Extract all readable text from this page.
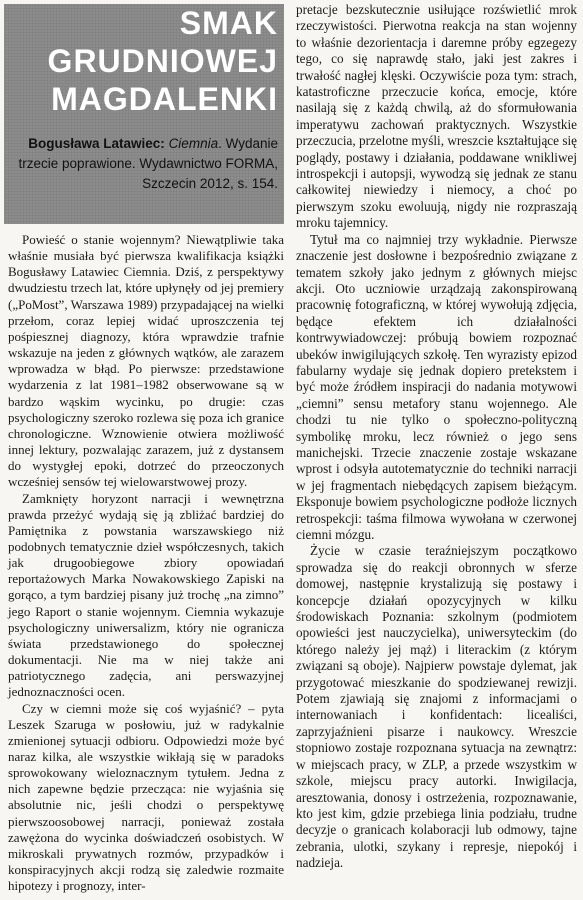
SMAK
GRUDNIOWEJ
MAGDALENKI
Bogusława Latawiec: Ciemnia. Wydanie
trzecie poprawione. Wydawnictwo FORMA,
Szczecin 2012, s. 154.

Powieść o stanie wojennym? Niewątpliwie taka właśnie musiała być pierwsza kwalifikacja książki Bogusławy Latawiec Ciemnia. Dziś, z perspektywy dwudziestu trzech lat, które upłynęły od jej premiery („PoMost”, Warszawa 1989) przypadającej na wielki przełom, coraz lepiej widać uproszczenia tej pośpiesznej diagnozy, która wprawdzie trafnie wskazuje na jeden z głównych wątków, ale zarazem wprowadza w błąd. Po pierwsze: przedstawione wydarzenia z lat 1981–1982 obserwowane są w bardzo wąskim wycinku, po drugie: czas psychologiczny szeroko rozlewa się poza ich granice chronologiczne. Wznowienie otwiera możliwość innej lektury, pozwalając zarazem, już z dystansem do wystygłej epoki, dotrzeć do przeoczonych wcześniej sensów tej wielowarstwowej prozy.

Zamknięty horyzont narracji i wewnętrzna prawda przeżyć wydają się ją zbliżać bardziej do Pamiętnika z powstania warszawskiego niż podobnych tematycznie dzieł współczesnych, takich jak drugoobiegowe zbiory opowiadań reportażowych Marka Nowakowskiego Zapiski na gorąco, a tym bardziej pisany już trochę „na zimno” jego Raport o stanie wojennym. Ciemnia wykazuje psychologiczny uniwersalizm, który nie ogranicza świata przedstawionego do społecznej dokumentacji. Nie ma w niej także ani patriotycznego zadęcia, ani perswazyjnej jednoznaczności ocen.

Czy w ciemni może się coś wyjaśnić? – pyta Leszek Szaruga w posłowiu, już w radykalnie zmienionej sytuacji odbioru. Odpowiedzi może być naraz kilka, ale wszystkie wikłają się w paradoks sprowokowany wieloznacznym tytułem. Jedna z nich zapewne będzie przecząca: nie wyjaśnia się absolutnie nic, jeśli chodzi o perspektywę pierwszoosobowej narracji, ponieważ została zawężona do wycinka doświadczeń osobistych. W mikroskali prywatnych rozmów, przypadków i konspiracyjnych akcji rodzą się zaledwie rozmaite hipotezy i prognozy, inter-

pretacje bezskutecznie usiłujące rozświetlić mrok rzeczywistości. Pierwotna reakcja na stan wojenny to właśnie dezorientacja i daremne próby egzegezy tego, co się naprawdę stało, jaki jest zakres i trwałość nagłej klęski. Oczywiście poza tym: strach, katastroficzne przeczucie końca, emocje, które nasilają się z każdą chwilą, aż do sformułowania imperatywu zachowań praktycznych. Wszystkie przeczucia, przelotne myśli, wreszcie kształtujące się poglądy, postawy i działania, poddawane wnikliwej introspekcji i autopsji, wywodzą się jednak ze stanu całkowitej niewiedzy i niemocy, a choć po pierwszym szoku ewoluują, nigdy nie rozpraszają mroku tajemnicy.

Tytuł ma co najmniej trzy wykładnie. Pierwsze znaczenie jest dosłowne i bezpośrednio związane z tematem szkoły jako jednym z głównych miejsc akcji. Oto uczniowie urządzają zakonspirowaną pracownię fotograficzną, w której wywołują zdjęcia, będące efektem ich działalności kontrwywiadowczej: próbują bowiem rozpoznać ubeków inwigilujących szkołę. Ten wyrazisty epizod fabularny wydaje się jednak dopiero pretekstem i być może źródłem inspiracji do nadania motywowi „ciemni” sensu metafory stanu wojennego. Ale chodzi tu nie tylko o społeczno-polityczną symbolikę mroku, lecz również o jego sens manichejski. Trzecie znaczenie zostaje wskazane wprost i odsyła autotematycznie do techniki narracji w jej fragmentach niebędących zapisem bieżącym. Eksponuje bowiem psychologiczne podłoże licznych retrospekcji: taśma filmowa wywołana w czerwonej ciemni mózgu.

Życie w czasie teraźniejszym początkowo sprowadza się do reakcji obronnych w sferze domowej, następnie krystalizują się postawy i koncepcje działań opozycyjnych w kilku środowiskach Poznania: szkolnym (podmiotem opowieści jest nauczycielka), uniwersyteckim (do którego należy jej mąż) i literackim (z którym związani są oboje). Najpierw powstaje dylemat, jak przygotować mieszkanie do spodziewanej rewizji. Potem zjawiają się znajomi z informacjami o internowaniach i konfidentach: licealiści, zaprzyjaźnieni pisarze i naukowcy. Wreszcie stopniowo zostaje rozpoznana sytuacja na zewnątrz: w miejscach pracy, w ZLP, a przede wszystkim w szkole, miejscu pracy autorki. Inwigilacja, aresztowania, donosy i ostrzeżenia, rozpoznawanie, kto jest kim, gdzie przebiega linia podziału, trudne decyzje o granicach kolaboracji lub odmowy, tajne zebrania, ulotki, szykany i represje, niepokój i nadzieja.
